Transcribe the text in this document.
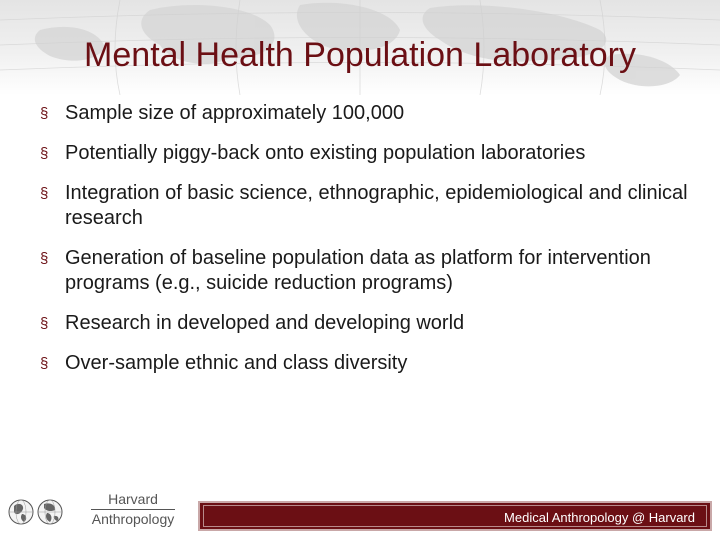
Mental Health Population Laboratory
§ Sample size of approximately 100,000
§ Potentially piggy-back onto existing population laboratories
§ Integration of basic science, ethnographic, epidemiological and clinical research
§ Generation of baseline population data as platform for intervention programs (e.g., suicide reduction programs)
§ Research in developed and developing world
§ Over-sample ethnic and class diversity
Harvard
Anthropology	Medical Anthropology @ Harvard
